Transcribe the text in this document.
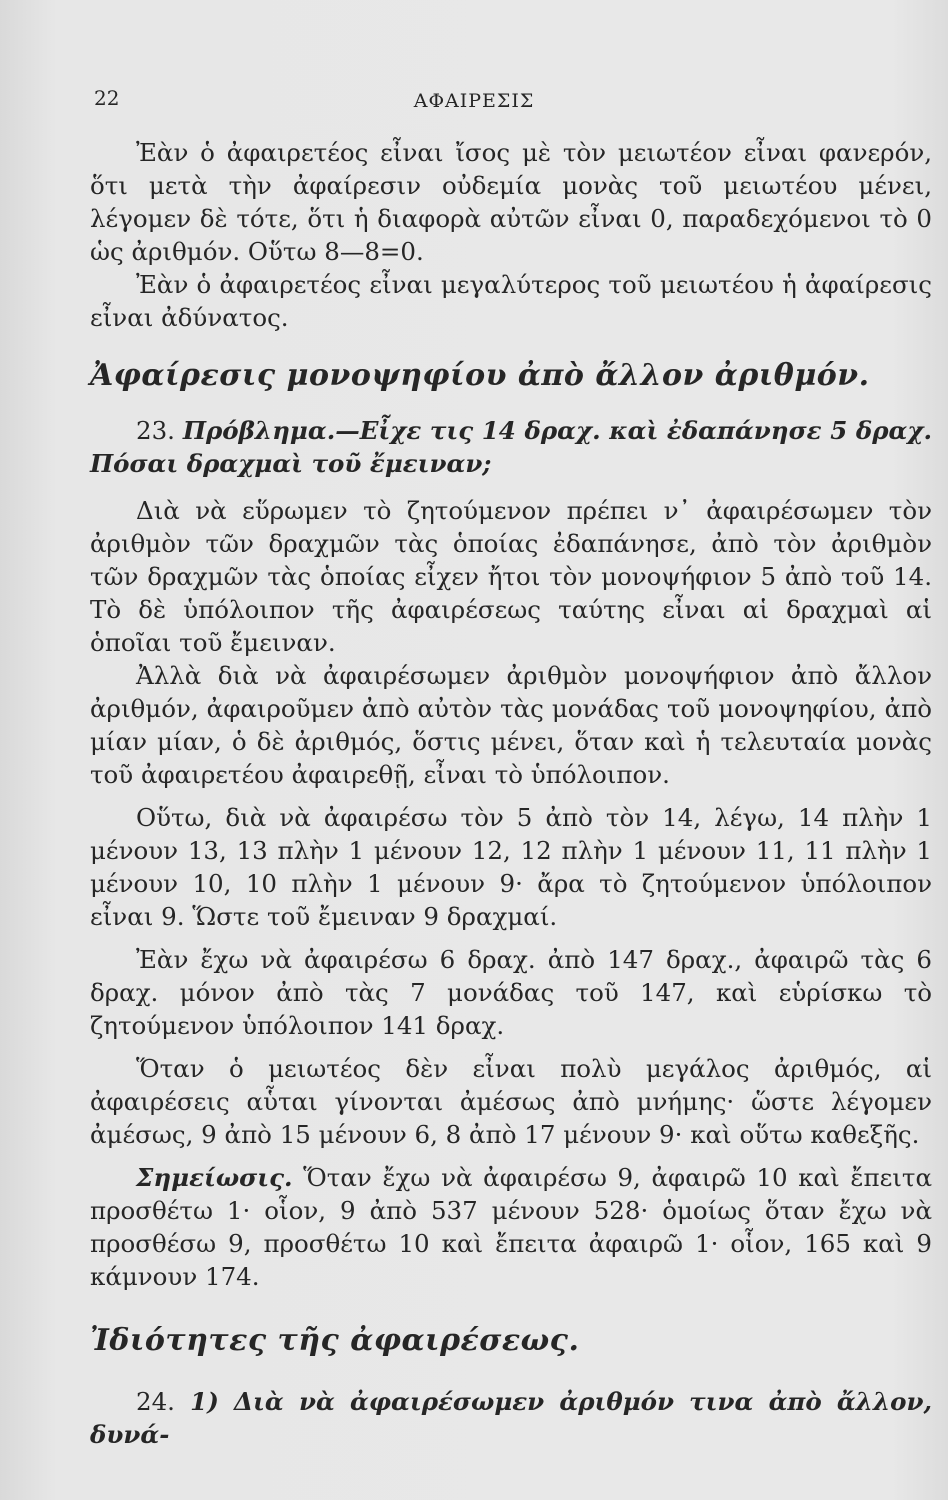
22	ΑΦΑΙΡΕΣΙΣ

Ἐὰν ὁ ἀφαιρετέος εἶναι ἴσος μὲ τὸν μειωτέον εἶναι φανερόν, ὅτι μετὰ τὴν ἀφαίρεσιν οὐδεμία μονὰς τοῦ μειωτέου μένει, λέγομεν δὲ τότε, ὅτι ἡ διαφορὰ αὐτῶν εἶναι 0, παραδεχόμενοι τὸ 0 ὡς ἀριθμόν. Οὕτω 8—8=0.

Ἐὰν ὁ ἀφαιρετέος εἶναι μεγαλύτερος τοῦ μειωτέου ἡ ἀφαίρεσις εἶναι ἀδύνατος.

Ἀφαίρεσις μονοψηφίου ἀπὸ ἄλλον ἀριθμόν.

23. Πρόβλημα.—Εἶχε τις 14 δραχ. καὶ ἐδαπάνησε 5 δραχ. Πόσαι δραχμαὶ τοῦ ἔμειναν;

Διὰ νὰ εὕρωμεν τὸ ζητούμενον πρέπει ν᾽ ἀφαιρέσωμεν τὸν ἀριθμὸν τῶν δραχμῶν τὰς ὁποίας ἐδαπάνησε, ἀπὸ τὸν ἀριθμὸν τῶν δραχμῶν τὰς ὁποίας εἶχεν ἤτοι τὸν μονοψήφιον 5 ἀπὸ τοῦ 14. Τὸ δὲ ὑπόλοιπον τῆς ἀφαιρέσεως ταύτης εἶναι αἱ δραχμαὶ αἱ ὁποῖαι τοῦ ἔμειναν.

Ἀλλὰ διὰ νὰ ἀφαιρέσωμεν ἀριθμὸν μονοψήφιον ἀπὸ ἄλλον ἀριθμόν, ἀφαιροῦμεν ἀπὸ αὐτὸν τὰς μονάδας τοῦ μονοψηφίου, ἀπὸ μίαν μίαν, ὁ δὲ ἀριθμός, ὅστις μένει, ὅταν καὶ ἡ τελευταία μονὰς τοῦ ἀφαιρετέου ἀφαιρεθῇ, εἶναι τὸ ὑπόλοιπον.

Οὕτω, διὰ νὰ ἀφαιρέσω τὸν 5 ἀπὸ τὸν 14, λέγω, 14 πλὴν 1 μένουν 13, 13 πλὴν 1 μένουν 12, 12 πλὴν 1 μένουν 11, 11 πλὴν 1 μένουν 10, 10 πλὴν 1 μένουν 9· ἄρα τὸ ζητούμενον ὑπόλοιπον εἶναι 9. Ὥστε τοῦ ἔμειναν 9 δραχμαί.

Ἐὰν ἔχω νὰ ἀφαιρέσω 6 δραχ. ἀπὸ 147 δραχ., ἀφαιρῶ τὰς 6 δραχ. μόνον ἀπὸ τὰς 7 μονάδας τοῦ 147, καὶ εὑρίσκω τὸ ζητούμενον ὑπόλοιπον 141 δραχ.

Ὅταν ὁ μειωτέος δὲν εἶναι πολὺ μεγάλος ἀριθμός, αἱ ἀφαιρέσεις αὗται γίνονται ἀμέσως ἀπὸ μνήμης· ὥστε λέγομεν ἀμέσως, 9 ἀπὸ 15 μένουν 6, 8 ἀπὸ 17 μένουν 9· καὶ οὕτω καθεξῆς.

Σημείωσις. Ὅταν ἔχω νὰ ἀφαιρέσω 9, ἀφαιρῶ 10 καὶ ἔπειτα προσθέτω 1· οἷον, 9 ἀπὸ 537 μένουν 528· ὁμοίως ὅταν ἔχω νὰ προσθέσω 9, προσθέτω 10 καὶ ἔπειτα ἀφαιρῶ 1· οἷον, 165 καὶ 9 κάμνουν 174.

Ἰδιότητες τῆς ἀφαιρέσεως.

24. 1) Διὰ νὰ ἀφαιρέσωμεν ἀριθμόν τινα ἀπὸ ἄλλον, δυνά-
